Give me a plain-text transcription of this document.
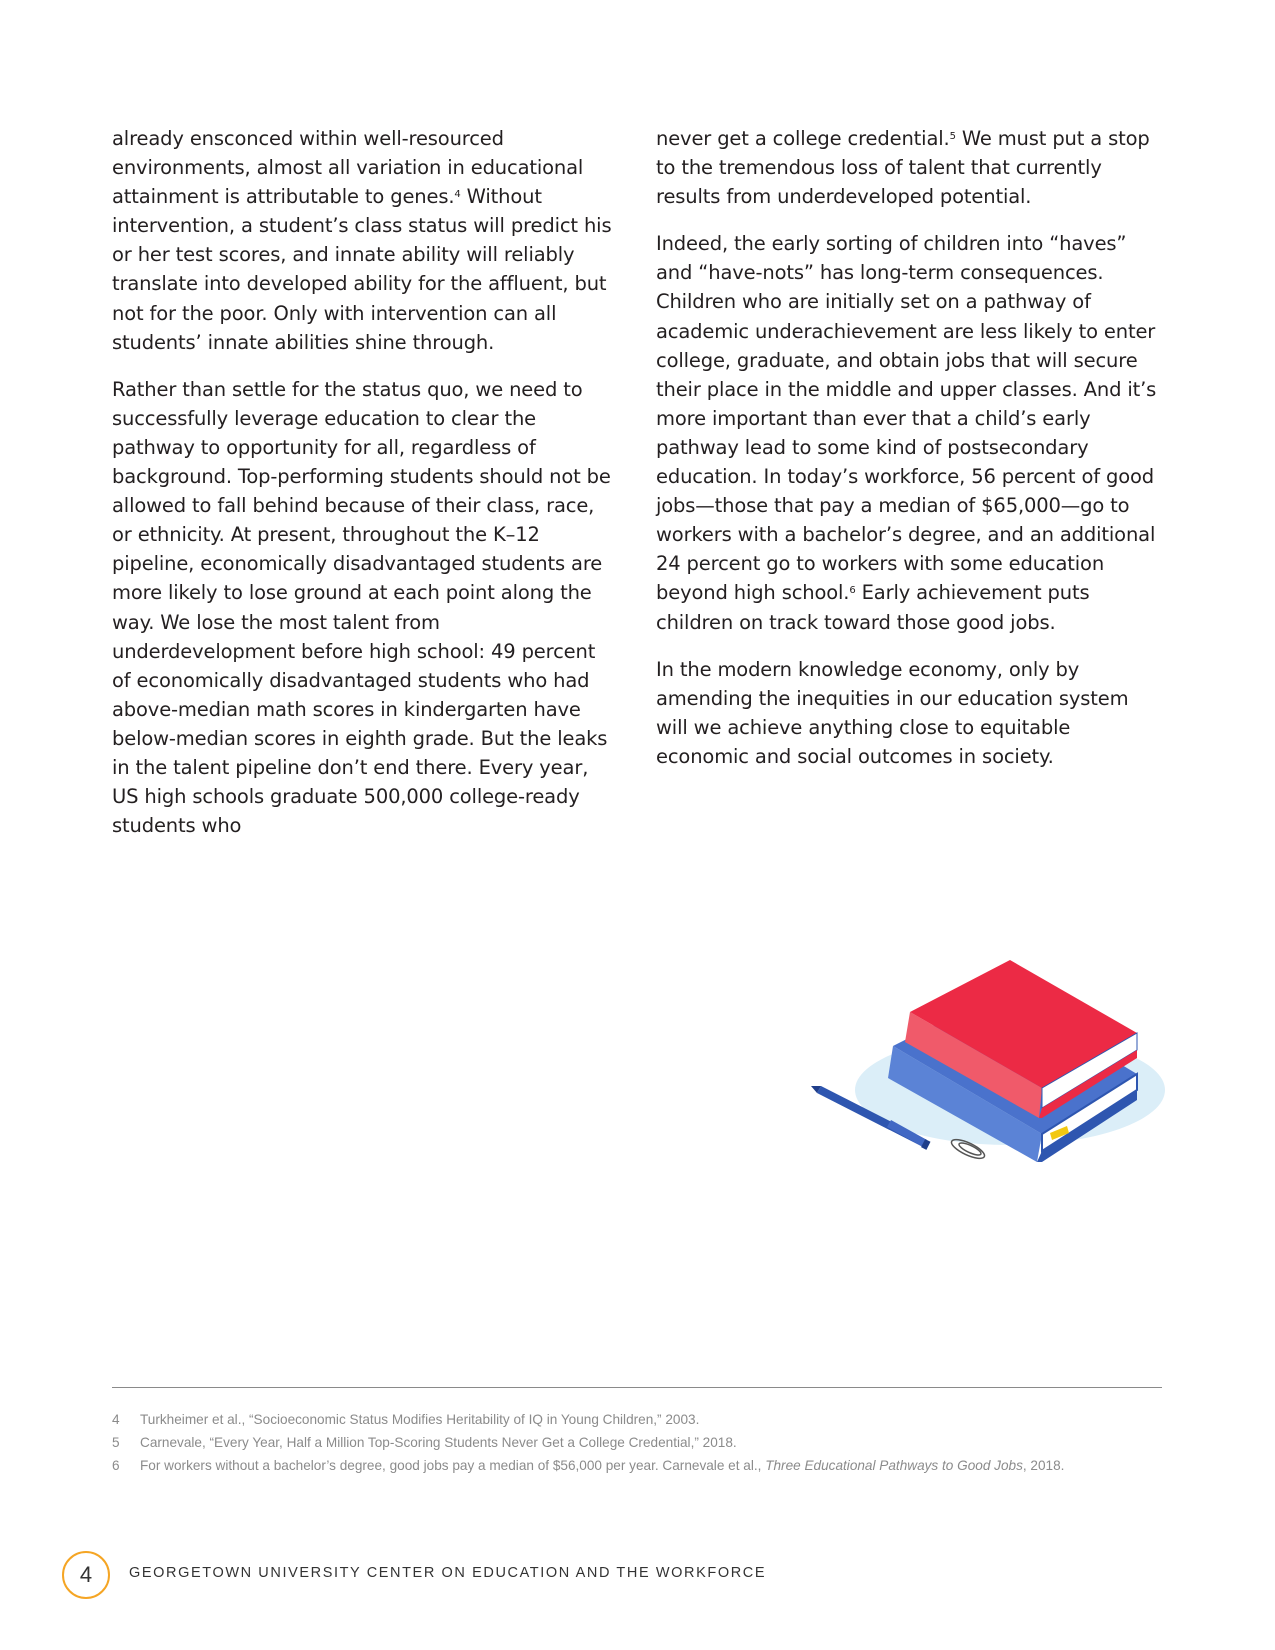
already ensconced within well-resourced environments, almost all variation in educational attainment is attributable to genes.$^4$ Without intervention, a student’s class status will predict his or her test scores, and innate ability will reliably translate into developed ability for the affluent, but not for the poor. Only with intervention can all students’ innate abilities shine through.

Rather than settle for the status quo, we need to successfully leverage education to clear the pathway to opportunity for all, regardless of background. Top-performing students should not be allowed to fall behind because of their class, race, or ethnicity. At present, throughout the K–12 pipeline, economically disadvantaged students are more likely to lose ground at each point along the way. We lose the most talent from underdevelopment before high school: 49 percent of economically disadvantaged students who had above-median math scores in kindergarten have below-median scores in eighth grade. But the leaks in the talent pipeline don’t end there. Every year, US high schools graduate 500,000 college-ready students who

never get a college credential.$^5$ We must put a stop to the tremendous loss of talent that currently results from underdeveloped potential.

Indeed, the early sorting of children into “haves” and “have-nots” has long-term consequences. Children who are initially set on a pathway of academic underachievement are less likely to enter college, graduate, and obtain jobs that will secure their place in the middle and upper classes. And it’s more important than ever that a child’s early pathway lead to some kind of postsecondary education. In today’s workforce, 56 percent of good jobs—those that pay a median of $65,000—go to workers with a bachelor’s degree, and an additional 24 percent go to workers with some education beyond high school.$^6$ Early achievement puts children on track toward those good jobs.

In the modern knowledge economy, only by amending the inequities in our education system will we achieve anything close to equitable economic and social outcomes in society.

4	Turkheimer et al., “Socioeconomic Status Modifies Heritability of IQ in Young Children,” 2003.
5	Carnevale, “Every Year, Half a Million Top-Scoring Students Never Get a College Credential,” 2018.
6	For workers without a bachelor’s degree, good jobs pay a median of $56,000 per year. Carnevale et al., Three Educational Pathways to Good Jobs, 2018.
4	GEORGETOWN UNIVERSITY CENTER ON EDUCATION AND THE WORKFORCE
